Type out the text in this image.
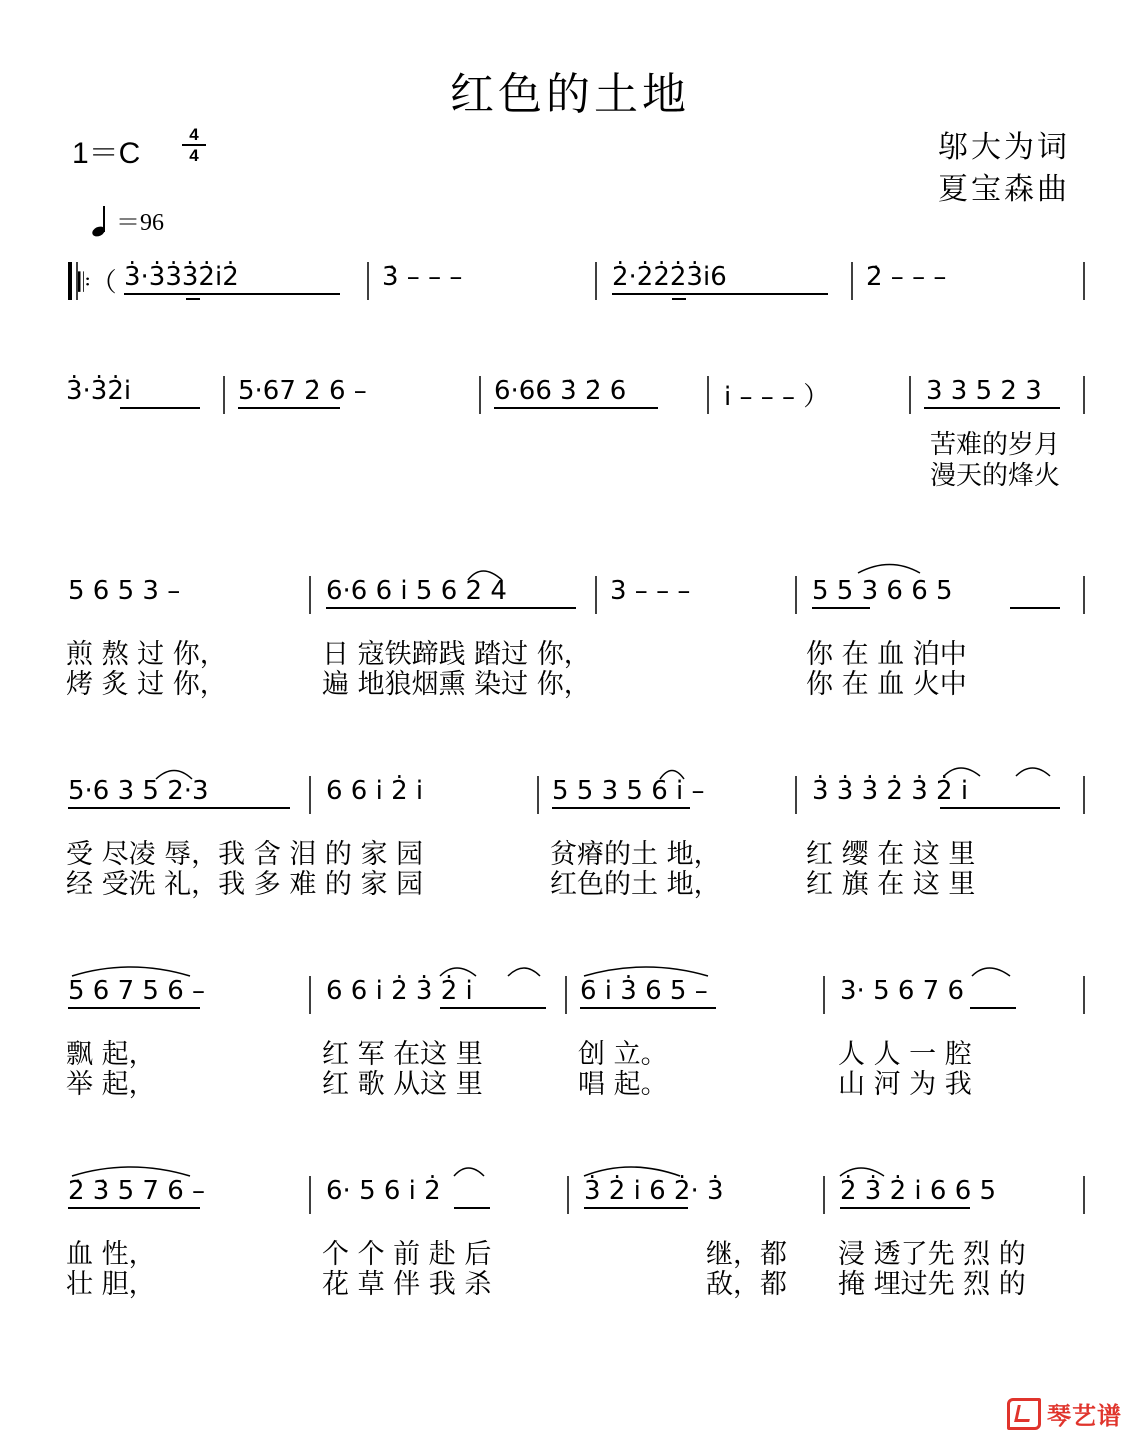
红色的土地
1＝C
4
4	邬大为词
夏宝森曲
＝96
𝄆（ 3̇·3̇3̇3̇2̇i̇2̇	3̇ – – –	2̇·2̇2̇2̇3̇i̇6	2̇ – – –
3̇·3̇2̇i̇	5·67 2̇ 6 –	6·66 3̇ 2̇ 6	i̇ – – – ）	3 3 5 2 3
苦难的岁月
漫天的烽火
5 6 5 3 –	6·6 6 i̇ 5 6 2 4	3 – – –	5 5 3 6 6 5
煎 熬 过 你，	日 寇铁蹄践 踏过 你，	你 在 血 泊中
烤 炙 过 你，	遍 地狼烟熏 染过 你，	你 在 血 火中
5·6 3 5 2·3	6 6 i̇ 2̇ i̇	5 5 3 5 6 i̇ –	3̇ 3̇ 3̇ 2̇ 3̇ 2̇ i̇
受 尽凌 辱，我 含 泪 的 家 园	贫瘠的土 地，	红 缨 在 这 里
经 受洗 礼，我 多 难 的 家 园	红色的土 地，	红 旗 在 这 里
5 6 7 5 6 –	6 6 i̇ 2̇ 3̇ 2̇ i̇	6 i̇ 3̇ 6 5 –	3· 5 6 7 6
飘 起，	红 军 在这 里	创 立。	人 人 一 腔
举 起，	红 歌 从这 里	唱 起。	山 河 为 我
2̇ 3̇ 5 7 6 –	6· 5 6 i̇ 2̇	3̇ 2̇ i̇ 6 2̇· 3̇	2̇ 3̇ 2̇ i̇ 6 6 5
血 性，	个 个 前 赴 后	继，都 浸 透了先 烈 的
壮 胆，	花 草 伴 我 杀	敌，都 掩 埋过先 烈 的
琴艺谱
